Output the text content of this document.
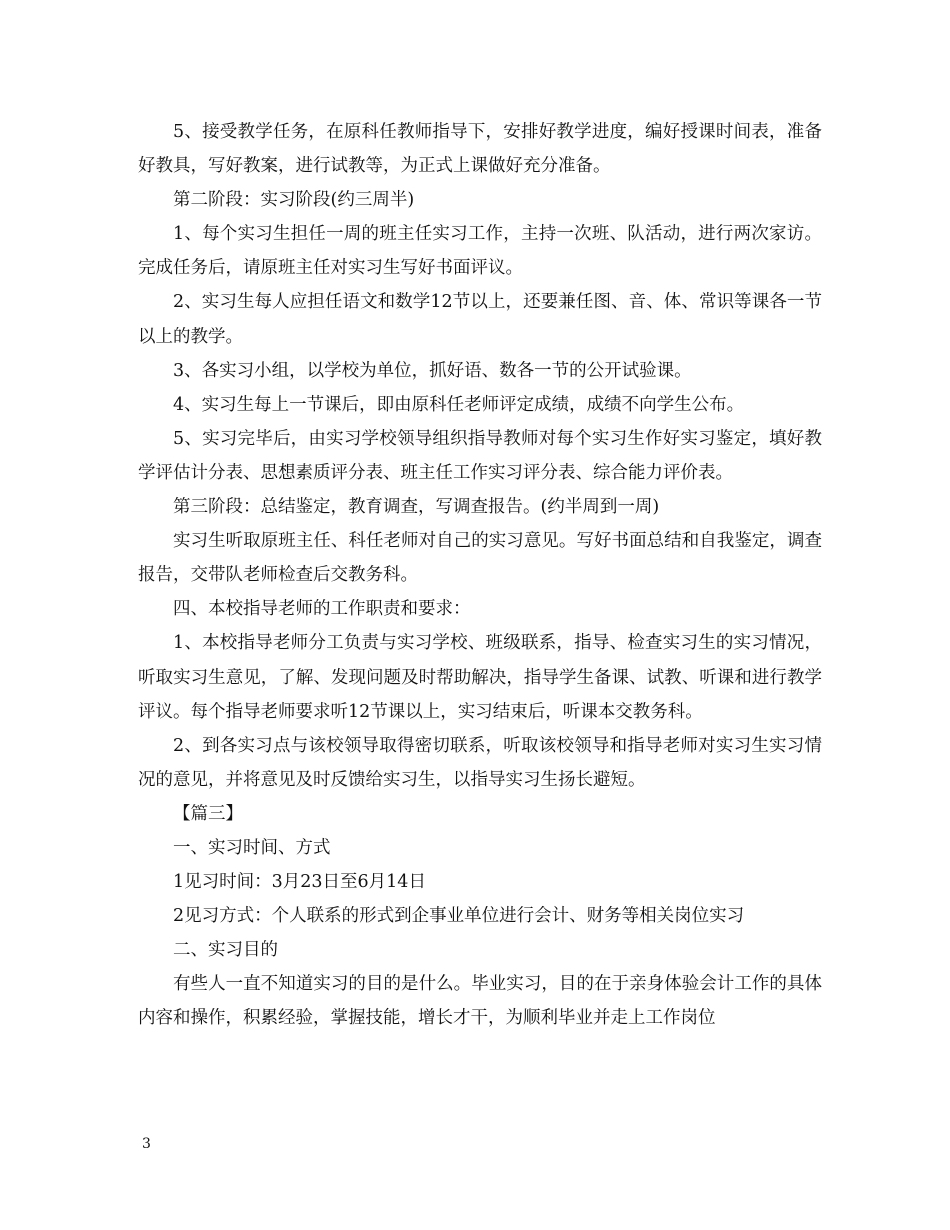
5、接受教学任务，在原科任教师指导下，安排好教学进度，编好授课时间表，准备好教具，写好教案，进行试教等，为正式上课做好充分准备。

第二阶段：实习阶段(约三周半)

1、每个实习生担任一周的班主任实习工作，主持一次班、队活动，进行两次家访。完成任务后，请原班主任对实习生写好书面评议。

2、实习生每人应担任语文和数学12节以上，还要兼任图、音、体、常识等课各一节以上的教学。

3、各实习小组，以学校为单位，抓好语、数各一节的公开试验课。

4、实习生每上一节课后，即由原科任老师评定成绩，成绩不向学生公布。

5、实习完毕后，由实习学校领导组织指导教师对每个实习生作好实习鉴定，填好教学评估计分表、思想素质评分表、班主任工作实习评分表、综合能力评价表。

第三阶段：总结鉴定，教育调查，写调查报告。(约半周到一周)

实习生听取原班主任、科任老师对自己的实习意见。写好书面总结和自我鉴定，调查报告，交带队老师检查后交教务科。

四、本校指导老师的工作职责和要求：

1、本校指导老师分工负责与实习学校、班级联系，指导、检查实习生的实习情况，听取实习生意见，了解、发现问题及时帮助解决，指导学生备课、试教、听课和进行教学评议。每个指导老师要求听12节课以上，实习结束后，听课本交教务科。

2、到各实习点与该校领导取得密切联系，听取该校领导和指导老师对实习生实习情况的意见，并将意见及时反馈给实习生，以指导实习生扬长避短。

【篇三】

一、实习时间、方式

1见习时间：3月23日至6月14日

2见习方式：个人联系的形式到企事业单位进行会计、财务等相关岗位实习

二、实习目的

有些人一直不知道实习的目的是什么。毕业实习，目的在于亲身体验会计工作的具体内容和操作，积累经验，掌握技能，增长才干，为顺利毕业并走上工作岗位

3
